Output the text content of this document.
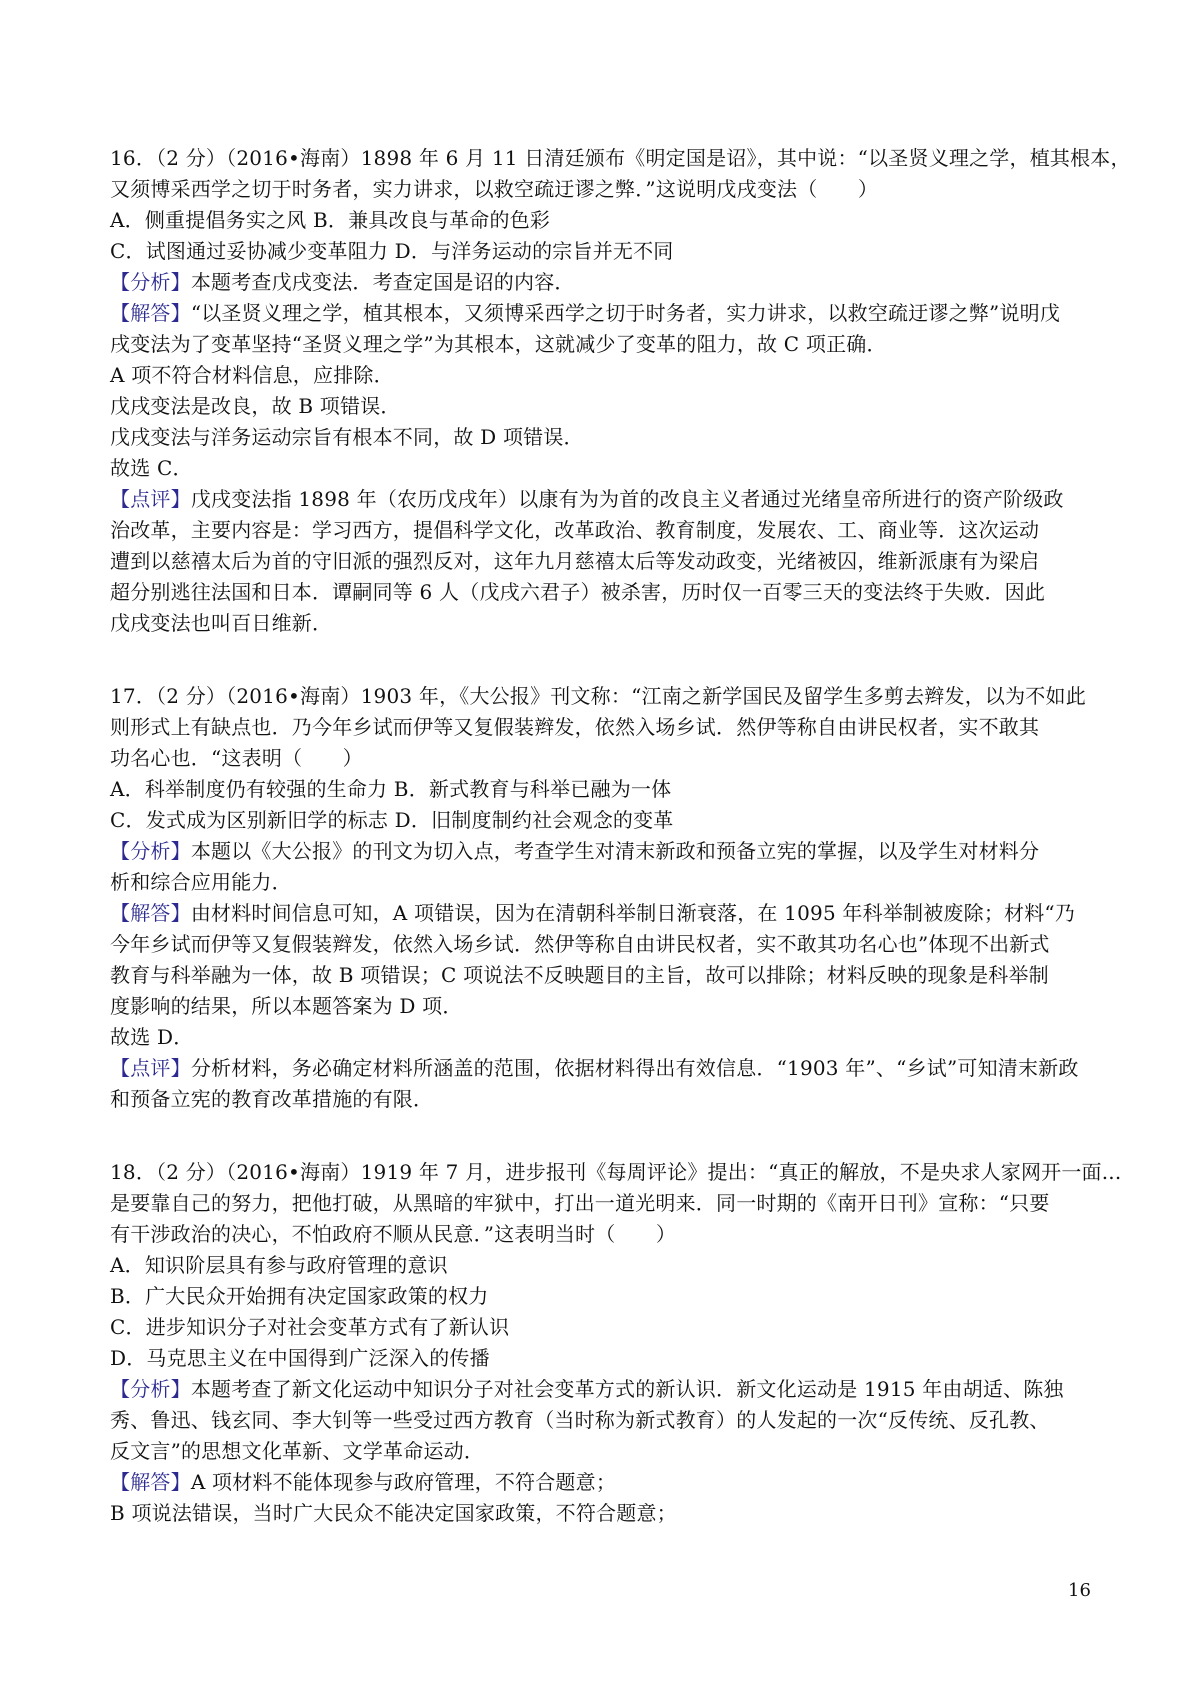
16．（2 分）（2016•海南）1898 年 6 月 11 日清廷颁布《明定国是诏》，其中说：“以圣贤义理之学，植其根本，
又须博采西学之切于时务者，实力讲求，以救空疏迂谬之弊．”这说明戊戌变法（　　）
A．侧重提倡务实之风 B．兼具改良与革命的色彩
C．试图通过妥协减少变革阻力 D．与洋务运动的宗旨并无不同
【分析】本题考查戊戌变法．考查定国是诏的内容．
【解答】“以圣贤义理之学，植其根本，又须博采西学之切于时务者，实力讲求，以救空疏迂谬之弊”说明戊
戌变法为了变革坚持“圣贤义理之学”为其根本，这就减少了变革的阻力，故 C 项正确．
A 项不符合材料信息，应排除．
戊戌变法是改良，故 B 项错误．
戊戌变法与洋务运动宗旨有根本不同，故 D 项错误．
故选 C．
【点评】戊戌变法指 1898 年（农历戊戌年）以康有为为首的改良主义者通过光绪皇帝所进行的资产阶级政
治改革，主要内容是：学习西方，提倡科学文化，改革政治、教育制度，发展农、工、商业等．这次运动
遭到以慈禧太后为首的守旧派的强烈反对，这年九月慈禧太后等发动政变，光绪被囚，维新派康有为梁启
超分别逃往法国和日本．谭嗣同等 6 人（戊戌六君子）被杀害，历时仅一百零三天的变法终于失败．因此
戊戌变法也叫百日维新．
17．（2 分）（2016•海南）1903 年，《大公报》刊文称：“江南之新学国民及留学生多剪去辫发，以为不如此
则形式上有缺点也．乃今年乡试而伊等又复假装辫发，依然入场乡试．然伊等称自由讲民权者，实不敢其
功名心也．“这表明（　　）
A．科举制度仍有较强的生命力 B．新式教育与科举已融为一体
C．发式成为区别新旧学的标志 D．旧制度制约社会观念的变革
【分析】本题以《大公报》的刊文为切入点，考查学生对清末新政和预备立宪的掌握，以及学生对材料分
析和综合应用能力．
【解答】由材料时间信息可知，A 项错误，因为在清朝科举制日渐衰落，在 1095 年科举制被废除；材料“乃
今年乡试而伊等又复假装辫发，依然入场乡试．然伊等称自由讲民权者，实不敢其功名心也”体现不出新式
教育与科举融为一体，故 B 项错误；C 项说法不反映题目的主旨，故可以排除；材料反映的现象是科举制
度影响的结果，所以本题答案为 D 项．
故选 D．
【点评】分析材料，务必确定材料所涵盖的范围，依据材料得出有效信息．“1903 年”、“乡试”可知清末新政
和预备立宪的教育改革措施的有限．
18．（2 分）（2016•海南）1919 年 7 月，进步报刊《每周评论》提出：“真正的解放，不是央求人家网开一面...
是要靠自己的努力，把他打破，从黑暗的牢狱中，打出一道光明来．同一时期的《南开日刊》宣称：“只要
有干涉政治的决心，不怕政府不顺从民意．”这表明当时（　　）
A．知识阶层具有参与政府管理的意识
B．广大民众开始拥有决定国家政策的权力
C．进步知识分子对社会变革方式有了新认识
D．马克思主义在中国得到广泛深入的传播
【分析】本题考查了新文化运动中知识分子对社会变革方式的新认识．新文化运动是 1915 年由胡适、陈独
秀、鲁迅、钱玄同、李大钊等一些受过西方教育（当时称为新式教育）的人发起的一次“反传统、反孔教、
反文言”的思想文化革新、文学革命运动．
【解答】A 项材料不能体现参与政府管理，不符合题意；
B 项说法错误，当时广大民众不能决定国家政策，不符合题意；
16
